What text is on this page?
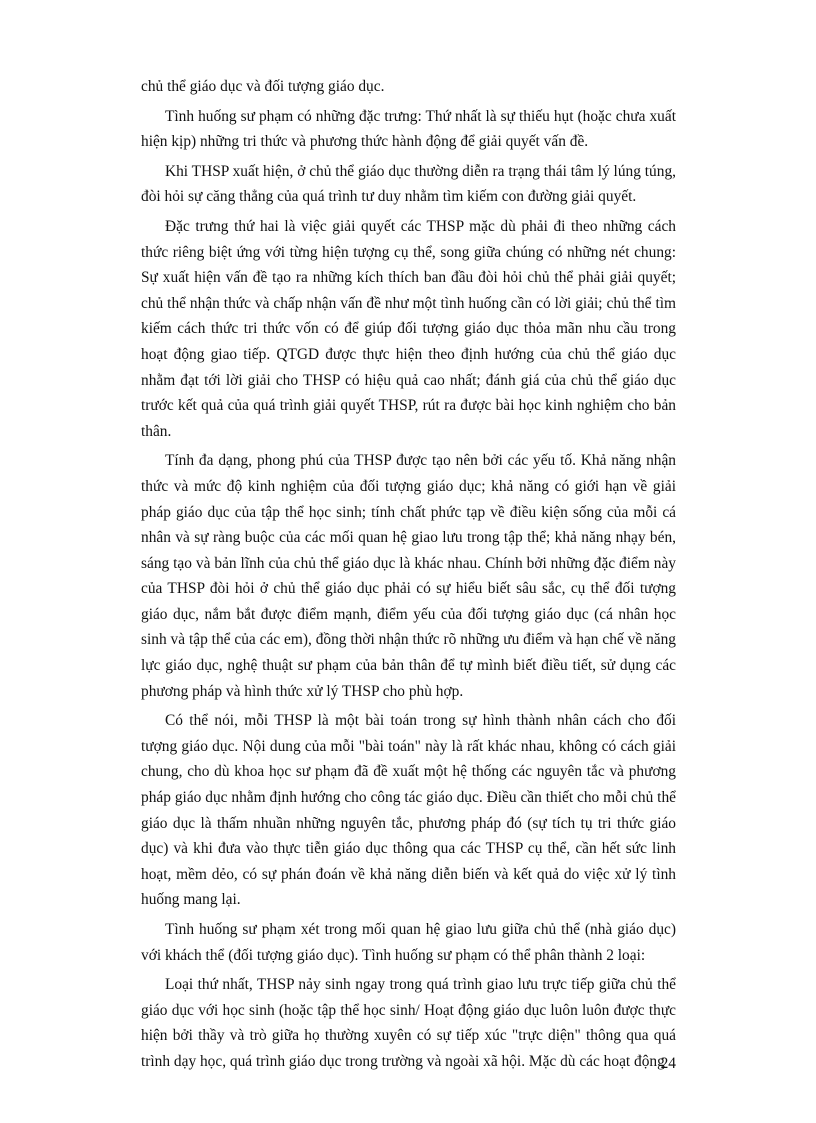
chủ thể giáo dục và đối tượng giáo dục.

Tình huống sư phạm có những đặc trưng: Thứ nhất là sự thiếu hụt (hoặc chưa xuất hiện kịp) những tri thức và phương thức hành động để giải quyết vấn đề.

Khi THSP xuất hiện, ở chủ thể giáo dục thường diễn ra trạng thái tâm lý lúng túng, đòi hỏi sự căng thẳng của quá trình tư duy nhằm tìm kiếm con đường giải quyết.

Đặc trưng thứ hai là việc giải quyết các THSP mặc dù phải đi theo những cách thức riêng biệt ứng với từng hiện tượng cụ thể, song giữa chúng có những nét chung: Sự xuất hiện vấn đề tạo ra những kích thích ban đầu đòi hỏi chủ thể phải giải quyết; chủ thể nhận thức và chấp nhận vấn đề như một tình huống cần có lời giải; chủ thể tìm kiếm cách thức tri thức vốn có để giúp đối tượng giáo dục thỏa mãn nhu cầu trong hoạt động giao tiếp. QTGD được thực hiện theo định hướng của chủ thể giáo dục nhằm đạt tới lời giải cho THSP có hiệu quả cao nhất; đánh giá của chủ thể giáo dục trước kết quả của quá trình giải quyết THSP, rút ra được bài học kinh nghiệm cho bản thân.

Tính đa dạng, phong phú của THSP được tạo nên bởi các yếu tố. Khả năng nhận thức và mức độ kinh nghiệm của đối tượng giáo dục; khả năng có giới hạn về giải pháp giáo dục của tập thể học sinh; tính chất phức tạp về điều kiện sống của mỗi cá nhân và sự ràng buộc của các mối quan hệ giao lưu trong tập thể; khả năng nhạy bén, sáng tạo và bản lĩnh của chủ thể giáo dục là khác nhau. Chính bởi những đặc điểm này của THSP đòi hỏi ở chủ thể giáo dục phải có sự hiểu biết sâu sắc, cụ thể đối tượng giáo dục, nắm bắt được điểm mạnh, điểm yếu của đối tượng giáo dục (cá nhân học sinh và tập thể của các em), đồng thời nhận thức rõ những ưu điểm và hạn chế về năng lực giáo dục, nghệ thuật sư phạm của bản thân để tự mình biết điều tiết, sử dụng các phương pháp và hình thức xử lý THSP cho phù hợp.

Có thể nói, mỗi THSP là một bài toán trong sự hình thành nhân cách cho đối tượng giáo dục. Nội dung của mỗi "bài toán" này là rất khác nhau, không có cách giải chung, cho dù khoa học sư phạm đã đề xuất một hệ thống các nguyên tắc và phương pháp giáo dục nhằm định hướng cho công tác giáo dục. Điều cần thiết cho mỗi chủ thể giáo dục là thấm nhuần những nguyên tắc, phương pháp đó (sự tích tụ tri thức giáo dục) và khi đưa vào thực tiễn giáo dục thông qua các THSP cụ thể, cần hết sức linh hoạt, mềm dẻo, có sự phán đoán về khả năng diễn biến và kết quả do việc xử lý tình huống mang lại.

Tình huống sư phạm xét trong mối quan hệ giao lưu giữa chủ thể (nhà giáo dục) với khách thể (đối tượng giáo dục). Tình huống sư phạm có thể phân thành 2 loại:

Loại thứ nhất, THSP nảy sinh ngay trong quá trình giao lưu trực tiếp giữa chủ thể giáo dục với học sinh (hoặc tập thể học sinh/ Hoạt động giáo dục luôn luôn được thực hiện bởi thầy và trò giữa họ thường xuyên có sự tiếp xúc "trực diện" thông qua quá trình dạy học, quá trình giáo dục trong trường và ngoài xã hội. Mặc dù các hoạt động

24
